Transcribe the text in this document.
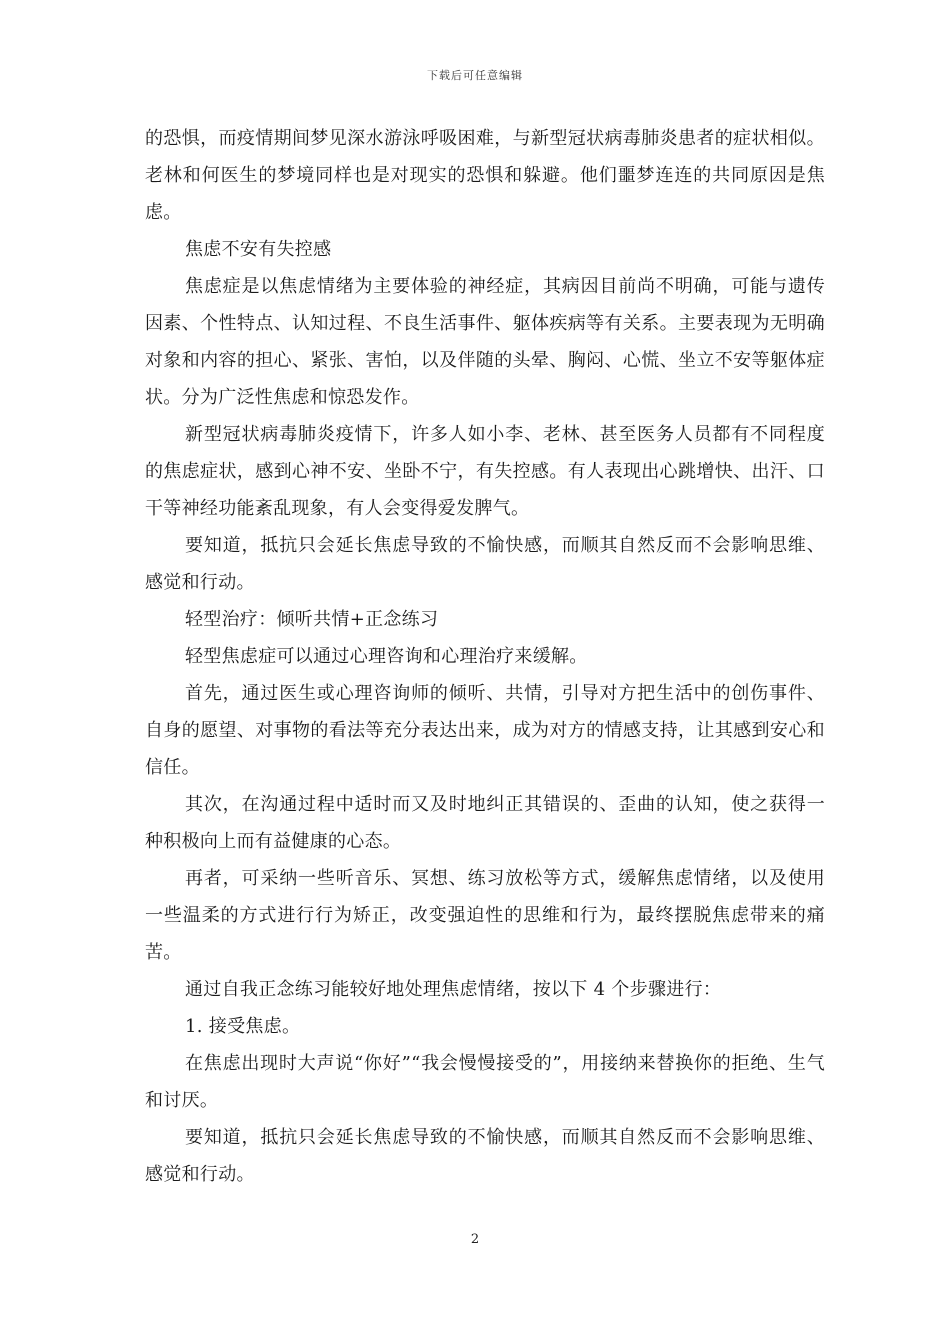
下载后可任意编辑

的恐惧，而疫情期间梦见深水游泳呼吸困难，与新型冠状病毒肺炎患者的症状相似。老林和何医生的梦境同样也是对现实的恐惧和躲避。他们噩梦连连的共同原因是焦虑。

焦虑不安有失控感

焦虑症是以焦虑情绪为主要体验的神经症，其病因目前尚不明确，可能与遗传因素、个性特点、认知过程、不良生活事件、躯体疾病等有关系。主要表现为无明确对象和内容的担心、紧张、害怕，以及伴随的头晕、胸闷、心慌、坐立不安等躯体症状。分为广泛性焦虑和惊恐发作。

新型冠状病毒肺炎疫情下，许多人如小李、老林、甚至医务人员都有不同程度的焦虑症状，感到心神不安、坐卧不宁，有失控感。有人表现出心跳增快、出汗、口干等神经功能紊乱现象，有人会变得爱发脾气。

要知道，抵抗只会延长焦虑导致的不愉快感，而顺其自然反而不会影响思维、感觉和行动。

轻型治疗：倾听共情+正念练习

轻型焦虑症可以通过心理咨询和心理治疗来缓解。

首先，通过医生或心理咨询师的倾听、共情，引导对方把生活中的创伤事件、自身的愿望、对事物的看法等充分表达出来，成为对方的情感支持，让其感到安心和信任。

其次，在沟通过程中适时而又及时地纠正其错误的、歪曲的认知，使之获得一种积极向上而有益健康的心态。

再者，可采纳一些听音乐、冥想、练习放松等方式，缓解焦虑情绪，以及使用一些温柔的方式进行行为矫正，改变强迫性的思维和行为，最终摆脱焦虑带来的痛苦。

通过自我正念练习能较好地处理焦虑情绪，按以下 4 个步骤进行：

1. 接受焦虑。

在焦虑出现时大声说“你好”“我会慢慢接受的”，用接纳来替换你的拒绝、生气和讨厌。

要知道，抵抗只会延长焦虑导致的不愉快感，而顺其自然反而不会影响思维、感觉和行动。

2
